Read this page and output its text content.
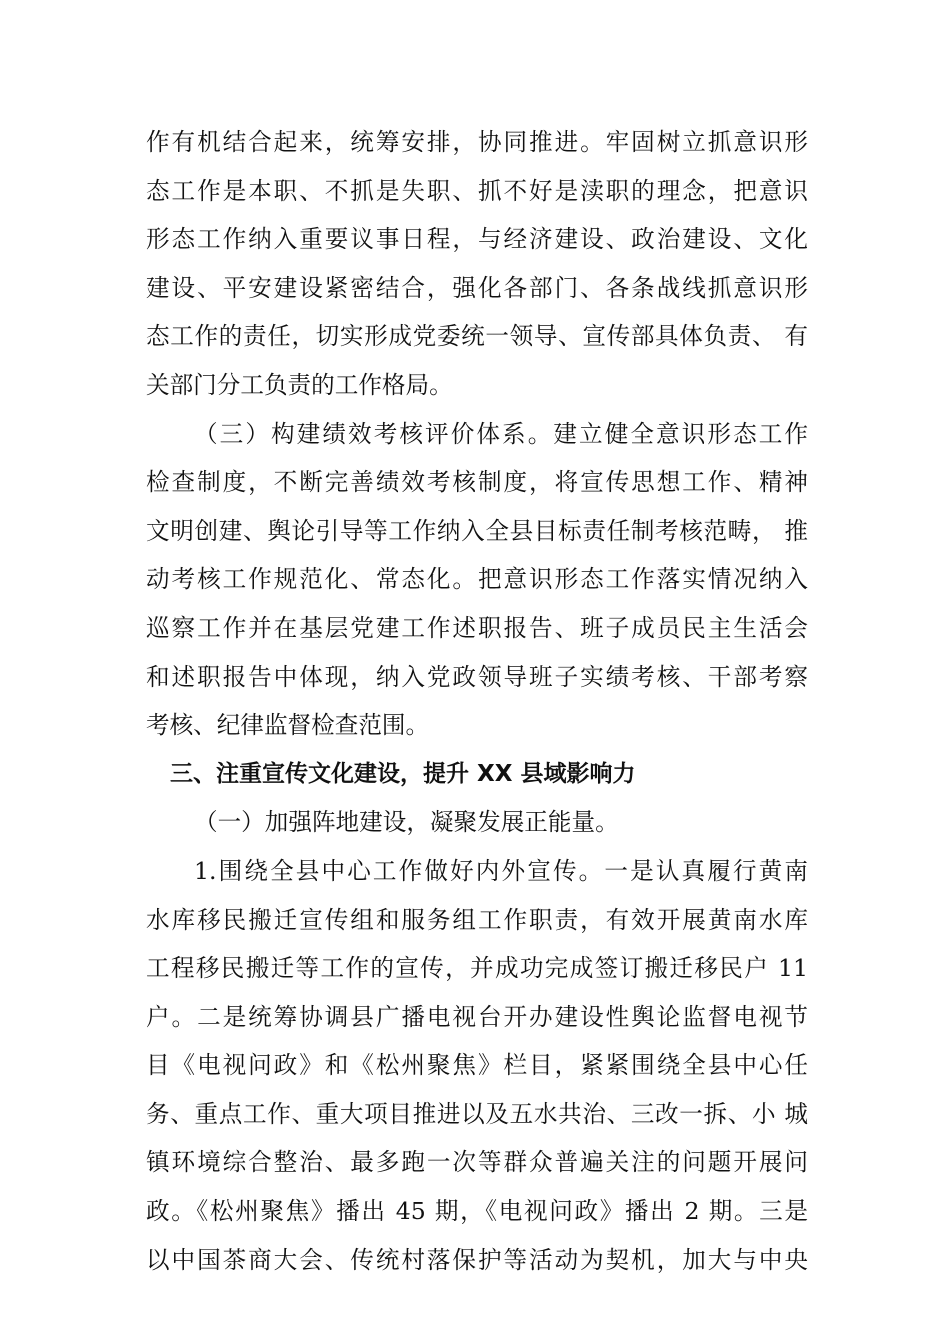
作有机结合起来，统筹安排，协同推进。牢固树立抓意识形
态工作是本职、不抓是失职、抓不好是渎职的理念，把意识
形态工作纳入重要议事日程，与经济建设、政治建设、文化
建设、平安建设紧密结合，强化各部门、各条战线抓意识形
态工作的责任，切实形成党委统一领导、宣传部具体负责、 有
关部门分工负责的工作格局。
（三）构建绩效考核评价体系。建立健全意识形态工作
检查制度，不断完善绩效考核制度，将宣传思想工作、精神
文明创建、舆论引导等工作纳入全县目标责任制考核范畴， 推
动考核工作规范化、常态化。把意识形态工作落实情况纳入
巡察工作并在基层党建工作述职报告、班子成员民主生活会
和述职报告中体现，纳入党政领导班子实绩考核、干部考察
考核、纪律监督检查范围。
三、注重宣传文化建设，提升 XX 县域影响力
（一）加强阵地建设，凝聚发展正能量。
1.围绕全县中心工作做好内外宣传。一是认真履行黄南
水库移民搬迁宣传组和服务组工作职责，有效开展黄南水库
工程移民搬迁等工作的宣传，并成功完成签订搬迁移民户 11
户。二是统筹协调县广播电视台开办建设性舆论监督电视节
目《电视问政》和《松州聚焦》栏目，紧紧围绕全县中心任
务、重点工作、重大项目推进以及五水共治、三改一拆、小 城
镇环境综合整治、最多跑一次等群众普遍关注的问题开展问
政。《松州聚焦》播出 45 期，《电视问政》播出 2 期。三是
以中国茶商大会、传统村落保护等活动为契机，加大与中央
